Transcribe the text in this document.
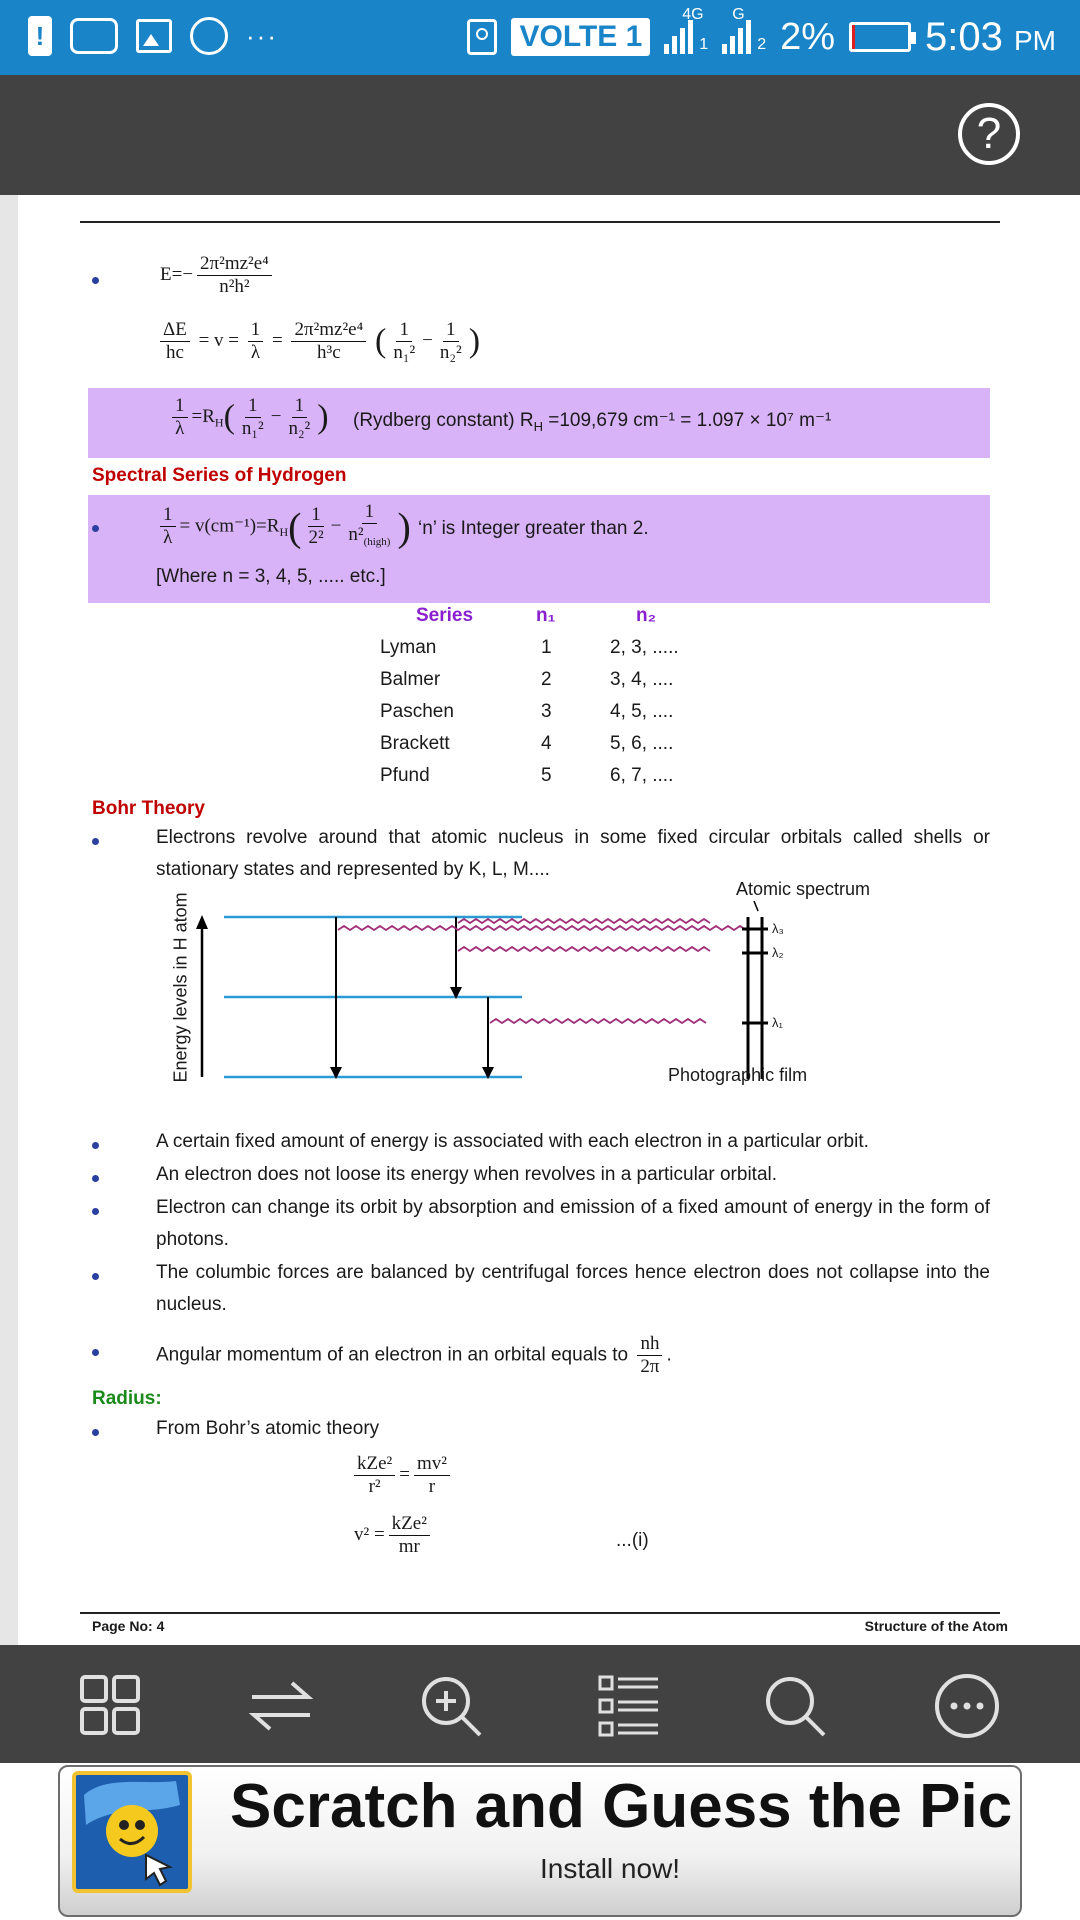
!	···	VOLTE 1
4G
1
G
2 2% 5:03 PM
?
$E=- \frac{\text{2π²mz²e⁴}}{\text{n²h²}}$
$\frac{\Delta E}{hc} = v = \frac{1}{\lambda} = \frac{\text{2π²mz²e⁴}}{\text{h³c}}$ ( $\frac{1}{\text{n₁²}} - \frac{1}{\text{n₂²}}$ )
$\frac{1}{\lambda} =R_H( \frac{1}{\text{n₁²}} - \frac{1}{\text{n₂²}}$ ) (Rydberg constant) $R_H =109,679$ cm⁻¹ = 1.097 × 10⁷ m⁻¹
Spectral Series of Hydrogen
$\frac{1}{\lambda} = v(cm^{-1})=R_H( \frac{1}{\text{2²}} - \frac{1}{n^2_{(high)}}$ ) ‘n’ is Integer greater than 2.
[Where n = 3, 4, 5, ..... etc.]
Series	n₁	n₂
Lyman	1	2, 3, .....
Balmer	2	3, 4, ....
Paschen	3	4, 5, ....
Brackett	4	5, 6, ....
Pfund	5	6, 7, ....
Bohr Theory
Electrons revolve around that atomic nucleus in some fixed circular orbitals called shells or stationary states and represented by K, L, M....
Energy levels in H atom
Atomic spectrum
λ₃
λ₂
λ₁
Photographic film
A certain fixed amount of energy is associated with each electron in a particular orbit.
An electron does not loose its energy when revolves in a particular orbital.
Electron can change its orbit by absorption and emission of a fixed amount of energy in the form of photons.
The columbic forces are balanced by centrifugal forces hence electron does not collapse into the nucleus.
Angular momentum of an electron in an orbital equals to $\frac{nh}{2\pi}$ .
Radius:
From Bohr’s atomic theory
$\frac{\text{kZe²}}{\text{r²}} = \frac{\text{mv²}}{r}$
$v^2 = \frac{\text{kZe²}}{mr}$	...(i)
Page No: 4	Structure of the Atom
Scratch and Guess the Pic
Install now!
